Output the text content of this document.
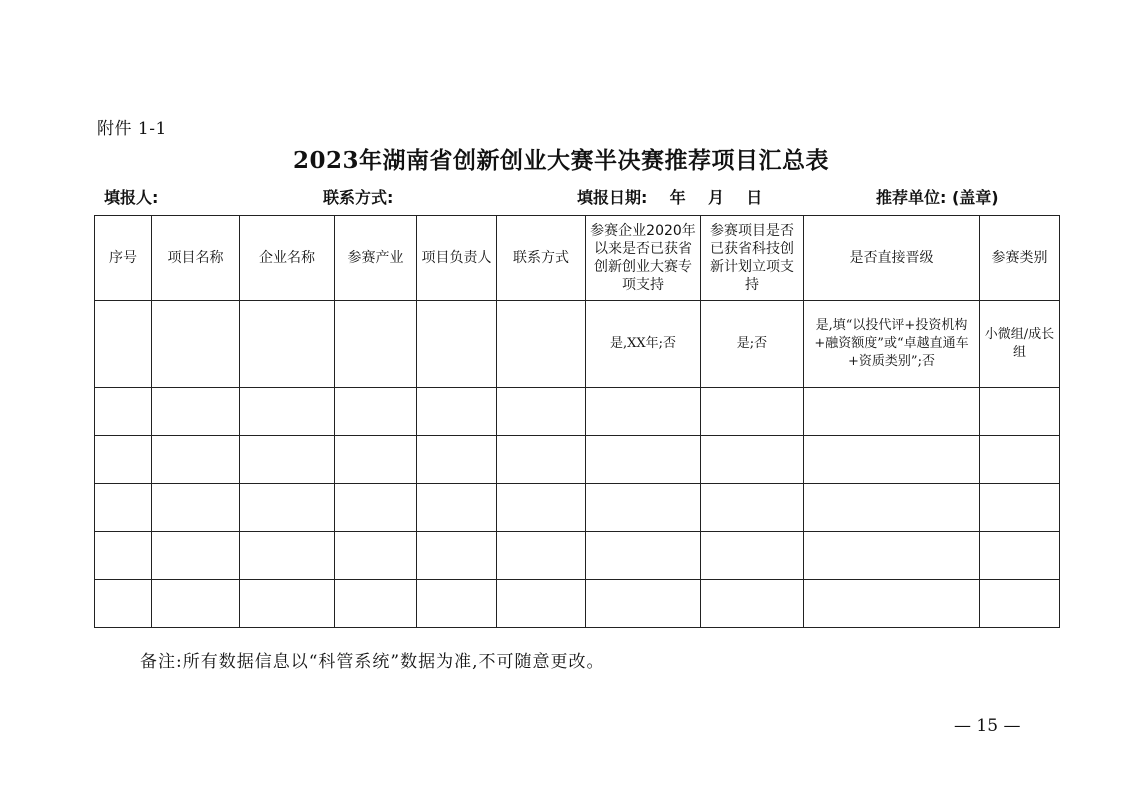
附件 1-1
2023年湖南省创新创业大赛半决赛推荐项目汇总表
填报人:	联系方式:	填报日期:    年    月    日	推荐单位: (盖章)
序号	项目名称	企业名称	参赛产业	项目负责人	联系方式	参赛企业2020年以来是否已获省创新创业大赛专项支持	参赛项目是否已获省科技创新计划立项支持	是否直接晋级	参赛类别
						是,XX年;否	是;否	是,填“以投代评+投资机构+融资额度”或“卓越直通车+资质类别”;否	小微组/成长组

备注:所有数据信息以“科管系统”数据为准,不可随意更改。
— 15 —
